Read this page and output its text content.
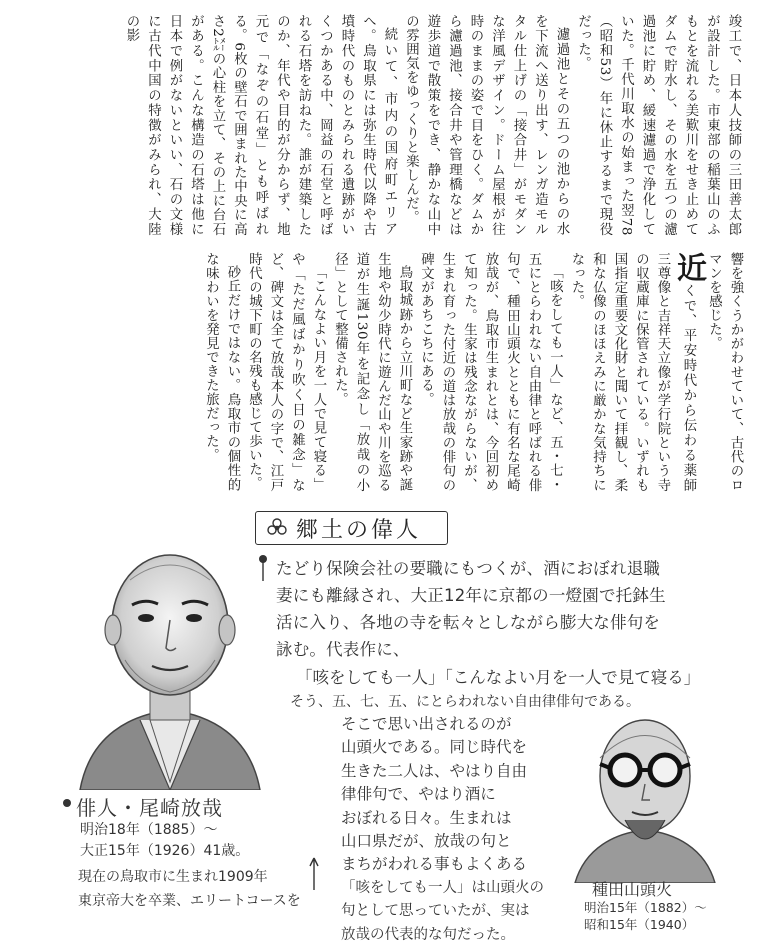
竣工で、日本人技師の三田善太郎が設計した。市東部の稲葉山のふもとを流れる美歎川をせき止めてダムで貯水し、その水を五つの濾過池に貯め、緩速濾過で浄化していた。千代川取水の始まった翌78（昭和53）年に休止するまで現役だった。

濾過池とその五つの池からの水を下流へ送り出す、レンガ造モルタル仕上げの「接合井」がモダンな洋風デザイン。ドーム屋根が往時のままの姿で目をひく。ダムから濾過池、接合井や管理橋などは遊歩道で散策をでき、静かな山中の雰囲気をゆっくりと楽しんだ。

続いて、市内の国府町エリアへ。鳥取県には弥生時代以降や古墳時代のものとみられる遺跡がいくつかある中、岡益の石堂と呼ばれる石塔を訪ねた。誰が建築したのか、年代や目的が分からず、地元で「なぞの石堂」とも呼ばれる。6枚の壁石で囲まれた中央に高さ2㍍の心柱を立て、その上に台石がある。こんな構造の石塔は他に日本で例がないといい、石の文様に古代中国の特徴がみられ、大陸の影

響を強くうかがわせていて、古代のロマンを感じた。

近くで、平安時代から伝わる薬師三尊像と吉祥天立像が学行院という寺の収蔵庫に保管されている。いずれも国指定重要文化財と聞いて拝観し、柔和な仏像のほほえみに厳かな気持ちになった。

「咳をしても一人」など、五・七・五にとらわれない自由律と呼ばれる俳句で、種田山頭火とともに有名な尾崎放哉が、鳥取市生まれとは、今回初めて知った。生家は残念ながらないが、生まれ育った付近の道は放哉の俳句の碑文があちこちにある。

鳥取城跡から立川町など生家跡や誕生地や幼少時代に遊んだ山や川を巡る道が生誕130年を記念し「放哉の小径」として整備された。

「こんなよい月を一人で見て寝る」や「ただ風ばかり吹く日の雑念」など、碑文は全て放哉本人の字で、江戸時代の城下町の名残も感じて歩いた。

砂丘だけではない。鳥取市の個性的な味わいを発見できた旅だった。

郷土の偉人
たどり保険会社の要職にもつくが、酒におぼれ退職
妻にも離縁され、大正12年に京都の一燈園で托鉢生
活に入り、各地の寺を転々としながら膨大な俳句を
詠む。代表作に、
「咳をしても一人」「こんなよい月を一人で見て寝る」
そう、五、七、五、にとらわれない自由律俳句である。
そこで思い出されるのが
山頭火である。同じ時代を
生きた二人は、やはり自由
律俳句で、やはり酒に
おぼれる日々。生まれは
山口県だが、放哉の句と
まちがわれる事もよくある
「咳をしても一人」は山頭火の
句として思っていたが、実は
放哉の代表的な句だった。
俳人・尾崎放哉
明治18年（1885）〜
大正15年（1926）41歳。
現在の鳥取市に生まれ1909年
東京帝大を卒業、エリートコースを
種田山頭火
明治15年（1882）〜
昭和15年（1940）
